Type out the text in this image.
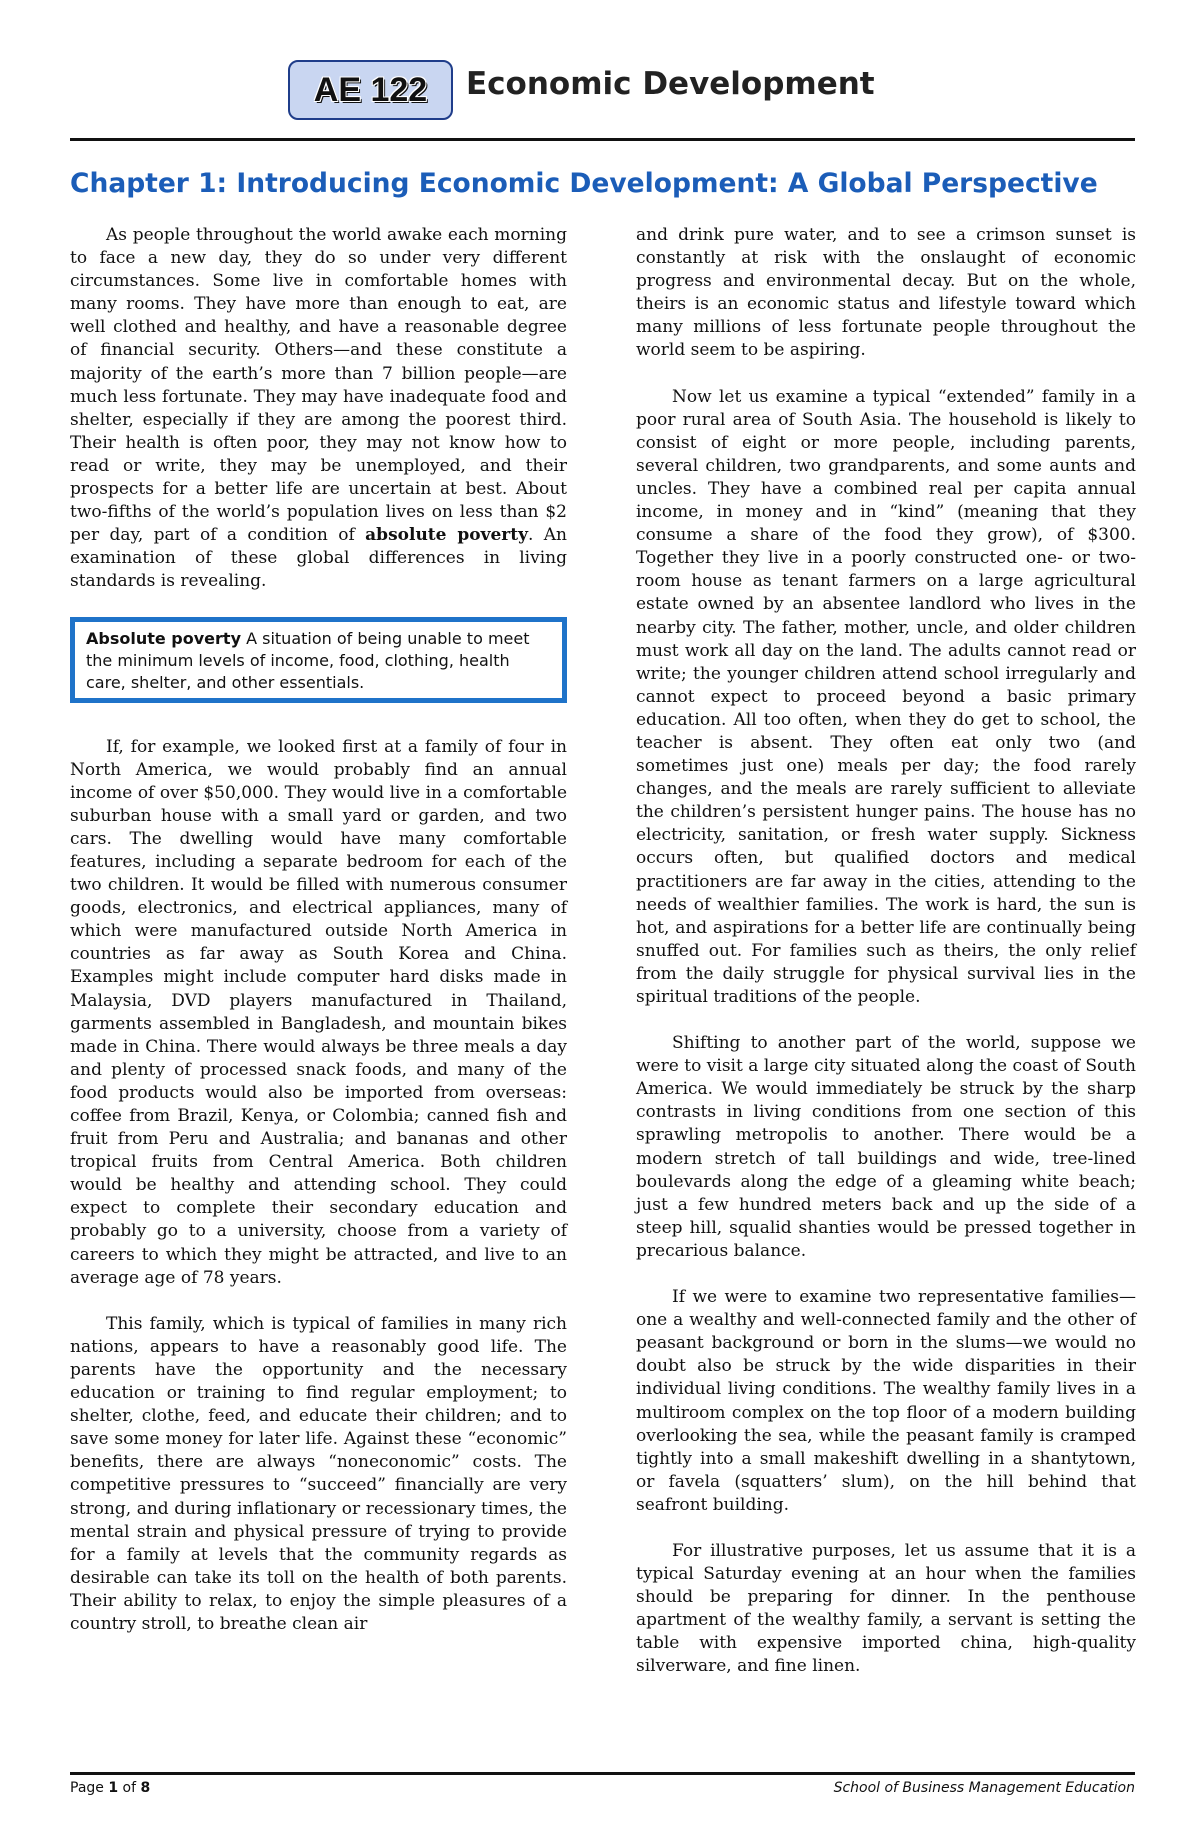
AE 122 Economic Development
Chapter 1: Introducing Economic Development: A Global Perspective

As people throughout the world awake each morning to face a new day, they do so under very different circumstances. Some live in comfortable homes with many rooms. They have more than enough to eat, are well clothed and healthy, and have a reasonable degree of financial security. Others—and these constitute a majority of the earth’s more than 7 billion people—are much less fortunate. They may have inadequate food and shelter, especially if they are among the poorest third. Their health is often poor, they may not know how to read or write, they may be unemployed, and their prospects for a better life are uncertain at best. About two-fifths of the world’s population lives on less than $2 per day, part of a condition of absolute poverty. An examination of these global differences in living standards is revealing.

Absolute poverty A situation of being unable to meet the minimum levels of income, food, clothing, health care, shelter, and other essentials.

If, for example, we looked first at a family of four in North America, we would probably find an annual income of over $50,000. They would live in a comfortable suburban house with a small yard or garden, and two cars. The dwelling would have many comfortable features, including a separate bedroom for each of the two children. It would be filled with numerous consumer goods, electronics, and electrical appliances, many of which were manufactured outside North America in countries as far away as South Korea and China. Examples might include computer hard disks made in Malaysia, DVD players manufactured in Thailand, garments assembled in Bangladesh, and mountain bikes made in China. There would always be three meals a day and plenty of processed snack foods, and many of the food products would also be imported from overseas: coffee from Brazil, Kenya, or Colombia; canned fish and fruit from Peru and Australia; and bananas and other tropical fruits from Central America. Both children would be healthy and attending school. They could expect to complete their secondary education and probably go to a university, choose from a variety of careers to which they might be attracted, and live to an average age of 78 years.

This family, which is typical of families in many rich nations, appears to have a reasonably good life. The parents have the opportunity and the necessary education or training to find regular employment; to shelter, clothe, feed, and educate their children; and to save some money for later life. Against these “economic” benefits, there are always “noneconomic” costs. The competitive pressures to “succeed” financially are very strong, and during inflationary or recessionary times, the mental strain and physical pressure of trying to provide for a family at levels that the community regards as desirable can take its toll on the health of both parents. Their ability to relax, to enjoy the simple pleasures of a country stroll, to breathe clean air

and drink pure water, and to see a crimson sunset is constantly at risk with the onslaught of economic progress and environmental decay. But on the whole, theirs is an economic status and lifestyle toward which many millions of less fortunate people throughout the world seem to be aspiring.

Now let us examine a typical “extended” family in a poor rural area of South Asia. The household is likely to consist of eight or more people, including parents, several children, two grandparents, and some aunts and uncles. They have a combined real per capita annual income, in money and in “kind” (meaning that they consume a share of the food they grow), of $300. Together they live in a poorly constructed one- or two-room house as tenant farmers on a large agricultural estate owned by an absentee landlord who lives in the nearby city. The father, mother, uncle, and older children must work all day on the land. The adults cannot read or write; the younger children attend school irregularly and cannot expect to proceed beyond a basic primary education. All too often, when they do get to school, the teacher is absent. They often eat only two (and sometimes just one) meals per day; the food rarely changes, and the meals are rarely sufficient to alleviate the children’s persistent hunger pains. The house has no electricity, sanitation, or fresh water supply. Sickness occurs often, but qualified doctors and medical practitioners are far away in the cities, attending to the needs of wealthier families. The work is hard, the sun is hot, and aspirations for a better life are continually being snuffed out. For families such as theirs, the only relief from the daily struggle for physical survival lies in the spiritual traditions of the people.

Shifting to another part of the world, suppose we were to visit a large city situated along the coast of South America. We would immediately be struck by the sharp contrasts in living conditions from one section of this sprawling metropolis to another. There would be a modern stretch of tall buildings and wide, tree-lined boulevards along the edge of a gleaming white beach; just a few hundred meters back and up the side of a steep hill, squalid shanties would be pressed together in precarious balance.

If we were to examine two representative families—one a wealthy and well-connected family and the other of peasant background or born in the slums—we would no doubt also be struck by the wide disparities in their individual living conditions. The wealthy family lives in a multiroom complex on the top floor of a modern building overlooking the sea, while the peasant family is cramped tightly into a small makeshift dwelling in a shantytown, or favela (squatters’ slum), on the hill behind that seafront building.

For illustrative purposes, let us assume that it is a typical Saturday evening at an hour when the families should be preparing for dinner. In the penthouse apartment of the wealthy family, a servant is setting the table with expensive imported china, high-quality silverware, and fine linen.

Page 1 of 8	School of Business Management Education
